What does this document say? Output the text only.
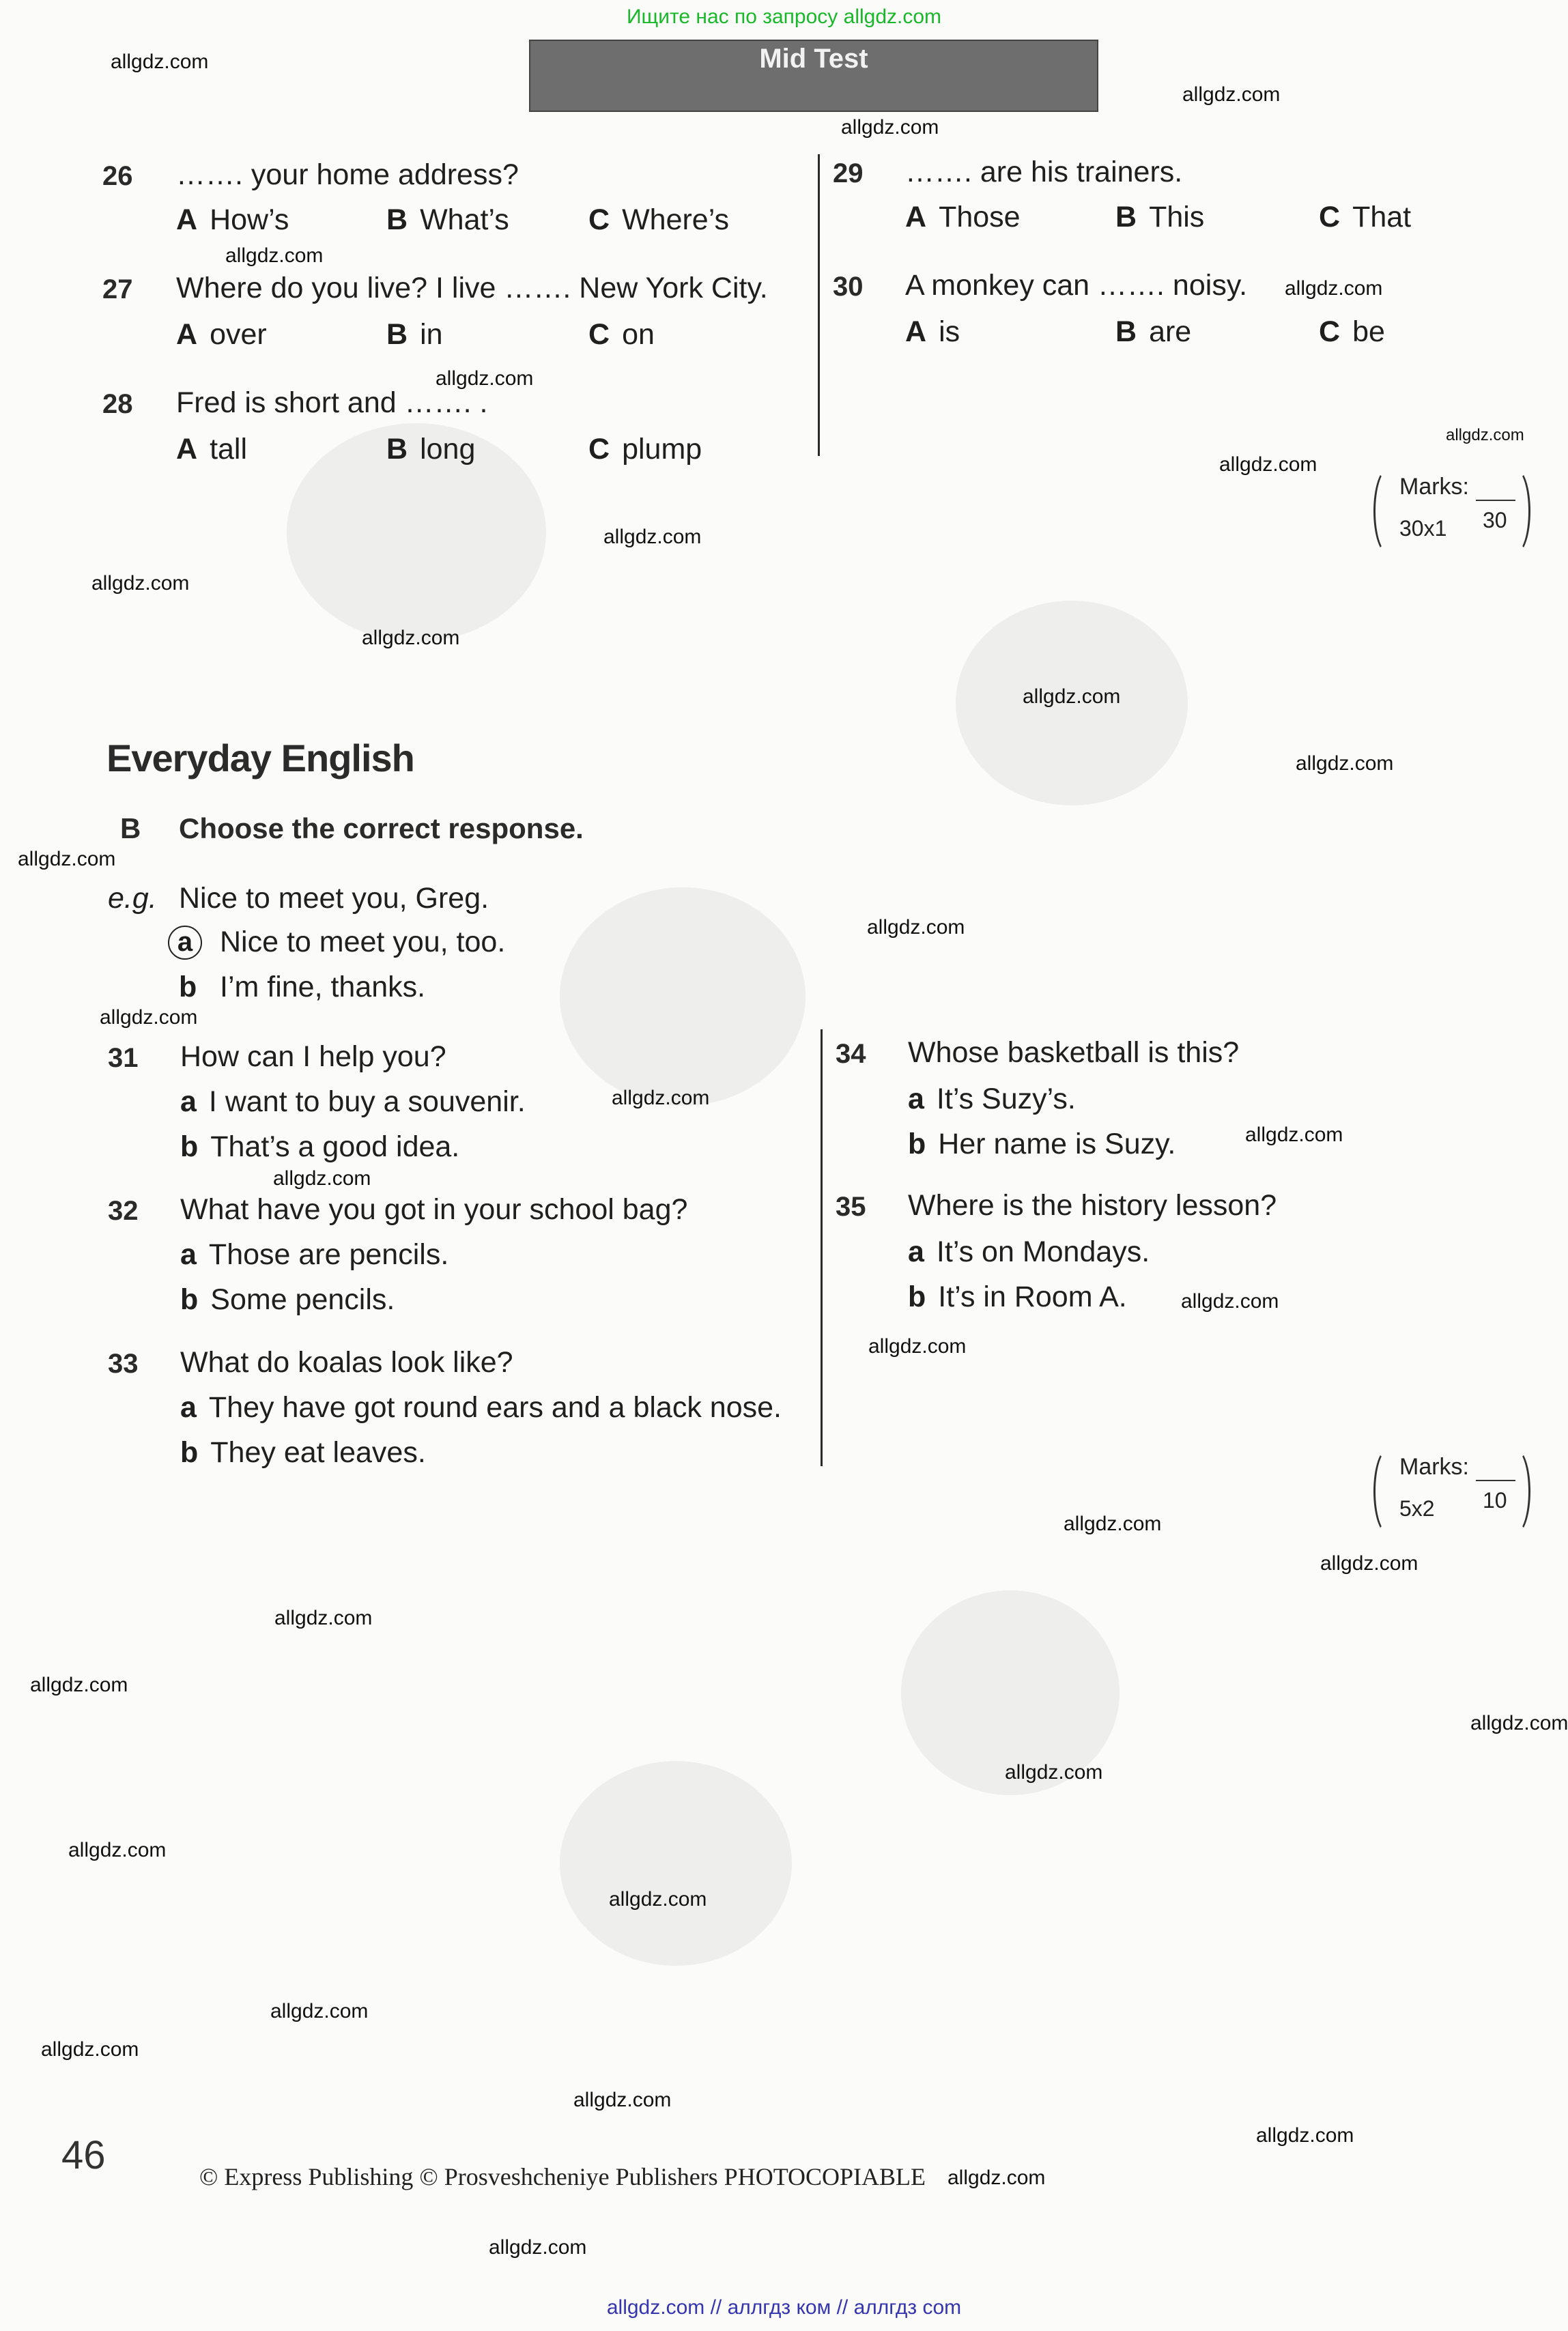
Ищите нас по запросу allgdz.com
allgdz.com // аллгдз ком // аллгдз com
Mid Test
allgdz.com
allgdz.com
allgdz.com
allgdz.com
allgdz.com
allgdz.com
allgdz.com
allgdz.com
allgdz.com
allgdz.com
allgdz.com
allgdz.com
allgdz.com
allgdz.com
allgdz.com
allgdz.com
allgdz.com
allgdz.com
allgdz.com
allgdz.com
allgdz.com
allgdz.com
allgdz.com
allgdz.com
allgdz.com
allgdz.com
allgdz.com
allgdz.com
allgdz.com
allgdz.com
allgdz.com
allgdz.com
allgdz.com
allgdz.com
allgdz.com
26 ……. your home address?
A How’s	B What’s	C Where’s
27 Where do you live? I live ……. New York City.
A over	B in	C on
28 Fred is short and ……. .
A tall	B long	C plump
29 ……. are his trainers.
A Those	B This	C That
30 A monkey can ……. noisy.
A is	B are	C be
Marks:
30x1 30
Everyday English
B Choose the correct response.
e.g. Nice to meet you, Greg.
a Nice to meet you, too.
b I’m fine, thanks.
31 How can I help you?
a I want to buy a souvenir.
b That’s a good idea.
32 What have you got in your school bag?
a Those are pencils.
b Some pencils.
33 What do koalas look like?
a They have got round ears and a black nose.
b They eat leaves.
34 Whose basketball is this?
a It’s Suzy’s.
b Her name is Suzy.
35 Where is the history lesson?
a It’s on Mondays.
b It’s in Room A.
Marks:
5x2 10
46	© Express Publishing © Prosveshcheniye Publishers PHOTOCOPIABLE
